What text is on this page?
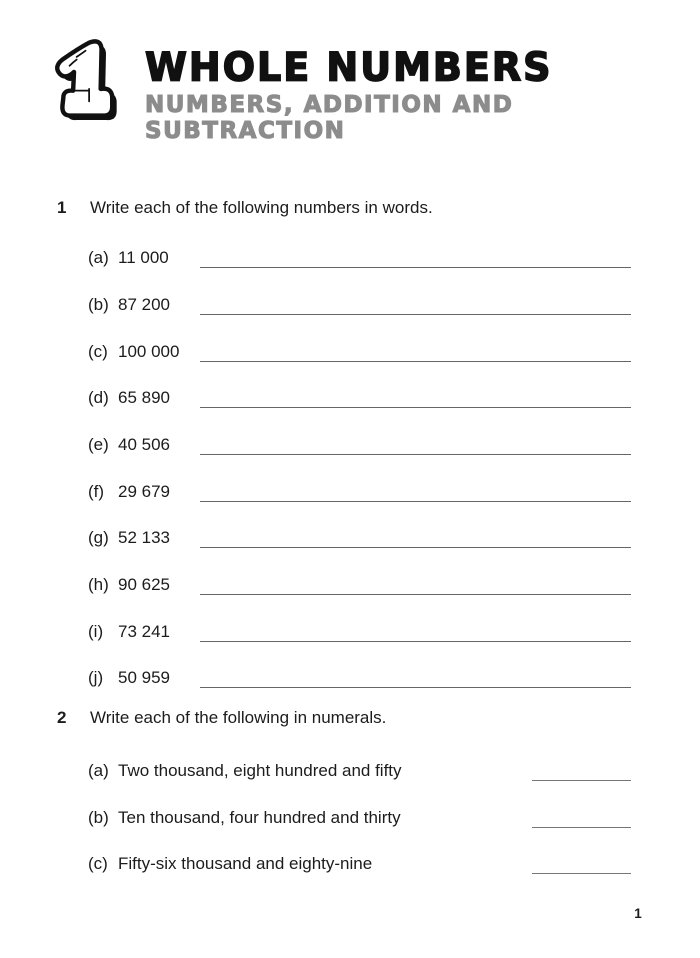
WHOLE NUMBERS
NUMBERS, ADDITION AND
SUBTRACTION
1 Write each of the following numbers in words.
(a) 11 000
(b) 87 200
(c) 100 000
(d) 65 890
(e) 40 506
(f) 29 679
(g) 52 133
(h) 90 625
(i) 73 241
(j) 50 959
2 Write each of the following in numerals.
(a) Two thousand, eight hundred and fifty
(b) Ten thousand, four hundred and thirty
(c) Fifty-six thousand and eighty-nine
1
